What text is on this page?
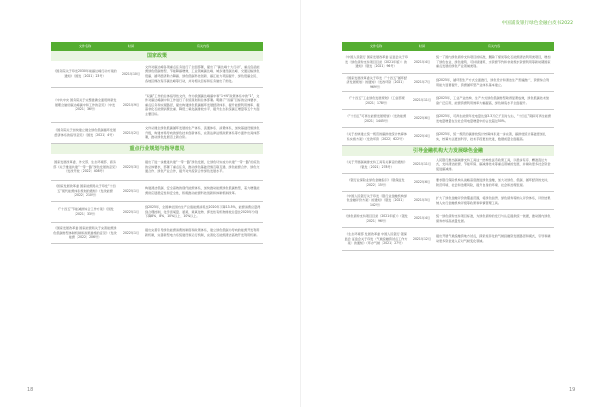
文件名称	时间	有关内容
国家政策		
《国务院关于印发2030年前碳达峰行动方案的通知》（国发〔2021〕23号）	2021年10月	文件对碳达峰各项重点任务进行了全面部署，提出了“碳达峰十大行动”，重点包括能源绿色低碳转型、节能降碳增效、工业领域碳达峰、城乡建设碳达峰、交通运输绿色低碳、循环经济助力降碳、绿色低碳科技创新、碳汇能力巩固提升、绿色低碳全民、各地区梯次有序碳达峰等行动，并对相关目标和任务做出了细化。
《中共中央 国务院关于完整准确全面贯彻新发展理念做好碳达峰碳中和工作的意见》（中发〔2021〕36号）	2021年9月	“双碳”工作的总体指导性文件，作为我国碳达峰碳中和“1+N”政策体系中的“1”，文件对碳达峰碳中和工作进行了系统谋划和总体部署。明确了“双碳”目标的总体要求、重点任务和实现路径，提出构建绿色低碳循环发展经济体系、提升能源利用效率、提高非化石能源消费比重、降低二氧化碳排放水平、提升生态系统碳汇增量等五个方面主要目标。
《国务院关于加快建立健全绿色低碳循环发展经济体系的指导意见》（国发〔2021〕4号）	2021年2月	文件从健全绿色低碳循环发展的生产体系、流通体系、消费体系，加快基础设施绿色升级，构建市场导向的绿色技术创新体系，完善法律法规政策体系等方面作出具体部署，推动绿色发展迈上新台阶。
重点行业规划与指导意见		
国家发展改革委、外交部、生态环境部、商务部《关于推进共建“一带一路”绿色发展的意见》（发改开放〔2022〕408号）	2022年3月	提出了进一步推进共建“一带一路”绿色发展，让绿色切实成为共建“一带一路”的底色的总体要求，部署了重点任务，推动绿色基础设施互联互通、绿色能源合作、绿色交通合作、绿色产业合作，提升对外投资合作绿色发展水平。
《国家发展改革委 国家能源局关于印发“十四五”现代能源体系规划的通知》（发改能源〔2022〕210号）	2022年1月	构建清洁低碳、安全高效的现代能源体系，加快推动能源绿色低碳转型，着力增强能源供应链稳定性和安全性，积极推动能源科技创新和体制机制改革。
《“十四五”节能减排综合工作方案》（国发〔2021〕33号）	2022年1月	到2025年，全国单位国内生产总值能源消耗比2020年下降13.5%，能源消费总量得到合理控制，化学需氧量、氨氮、氮氧化物、挥发性有机物排放总量比2020年分别下降8%、8%、10%以上、10%以上。
《国家发展改革委 国家能源局关于完善能源绿色低碳转型体制机制和政策措施的意见》（发改能源〔2022〕206号）	2022年1月	提出完善引导绿色能源消费的制度和政策体系，建立绿色低碳为导向的能源开发利用新机制，完善新型电力系统建设和运行机制，完善化石能源清洁高效开发利用机制。
18
中国浦发银行绿色金融白皮书2022
文件名称	时间	有关内容
《中国人民银行 国家发展改革委 证监会关于印发〈绿色债券支持项目目录（2021年版）〉的通知》（银发〔2021〕96号）	2021年4月	统一了国内绿色债券支持项目的标准，删除了煤炭等化石能源清洁利用类项目，增加了绿色农业、绿色建筑、可持续建筑、水资源节约和非常规水资源利用等新时期国家重点发展的绿色产业领域类别。
《国家发展改革委关于印发〈“十四五”循环经济发展规划〉的通知》（发改环资〔2021〕969号）	2021年7月	到2025年，循环型生产方式全面推行，绿色设计和清洁生产普遍推广，资源综合利用能力显著提升，资源循环型产业体系基本建立。
《“十四五”工业绿色发展规划》（工信部规〔2021〕178号）	2021年11月	到2025年，工业产业结构、生产方式绿色低碳转型取得显著成效，绿色低碳技术装备广泛应用，能源资源利用效率大幅提高，绿色制造水平全面提升。
《“十四五”可再生能源发展规划》（发改能源〔2021〕1445号）	2022年6月	到2025年，可再生能源年发电量达到3.3万亿千瓦时左右，“十四五”期间可再生能源发电量增量在全社会用电量增量中的占比超过50%。
《关于加快建立统一规范的碳排放统计核算体系实施方案》（发改环资〔2022〕622号）	2022年4月	到2025年，统一规范的碳排放统计核算体系进一步完善，碳排放统计基础更加扎实，核算方法更加科学，技术手段更加先进，数据质量全面提高。
引导金融机构大力发展绿色金融		
《关于开展碳减排支持工具有关事宜的通知》（银发〔2021〕278号）	2021年11月	人民银行推出碳减排支持工具这一结构性货币政策工具，以稳步有序、精准直达方式，支持清洁能源、节能环保、碳减排技术等重点领域的发展，并撬动更多社会资金促进碳减排。
《银行业保险业绿色金融指引》（银保监发〔2022〕15号）	2022年6月	要求银行保险机构从战略高度推进绿色金融，加大对绿色、低碳、循环经济的支持，防范环境、社会和治理风险，提升自身的环境、社会和治理表现。
《中国人民银行关于印发〈银行业金融机构绿色金融评价方案〉的通知》（银发〔2021〕142号）	2021年5月	扩大了绿色金融评价的覆盖范围，将绿色信贷、绿色债券等纳入评价体系，评价结果纳入央行金融机构评级等政策和审慎管理工具。
《绿色债券支持项目目录（2021年版）》（银发〔2021〕96号）	2021年4月	统一绿色债券支持项目标准，为绿色债券的发行与认定提供统一依据，推动国内绿色债券市场高质量发展。
《生态环境部 发展改革委 中国人民银行 银保监会 证监会关于印发〈气候投融资试点工作方案〉的通知》（环办气候〔2021〕27号）	2021年12月	提出开展气候投融资地方试点，探索差异化的气候投融资发展路径和模式，引导和撬动更多资金进入应对气候变化领域。
19
